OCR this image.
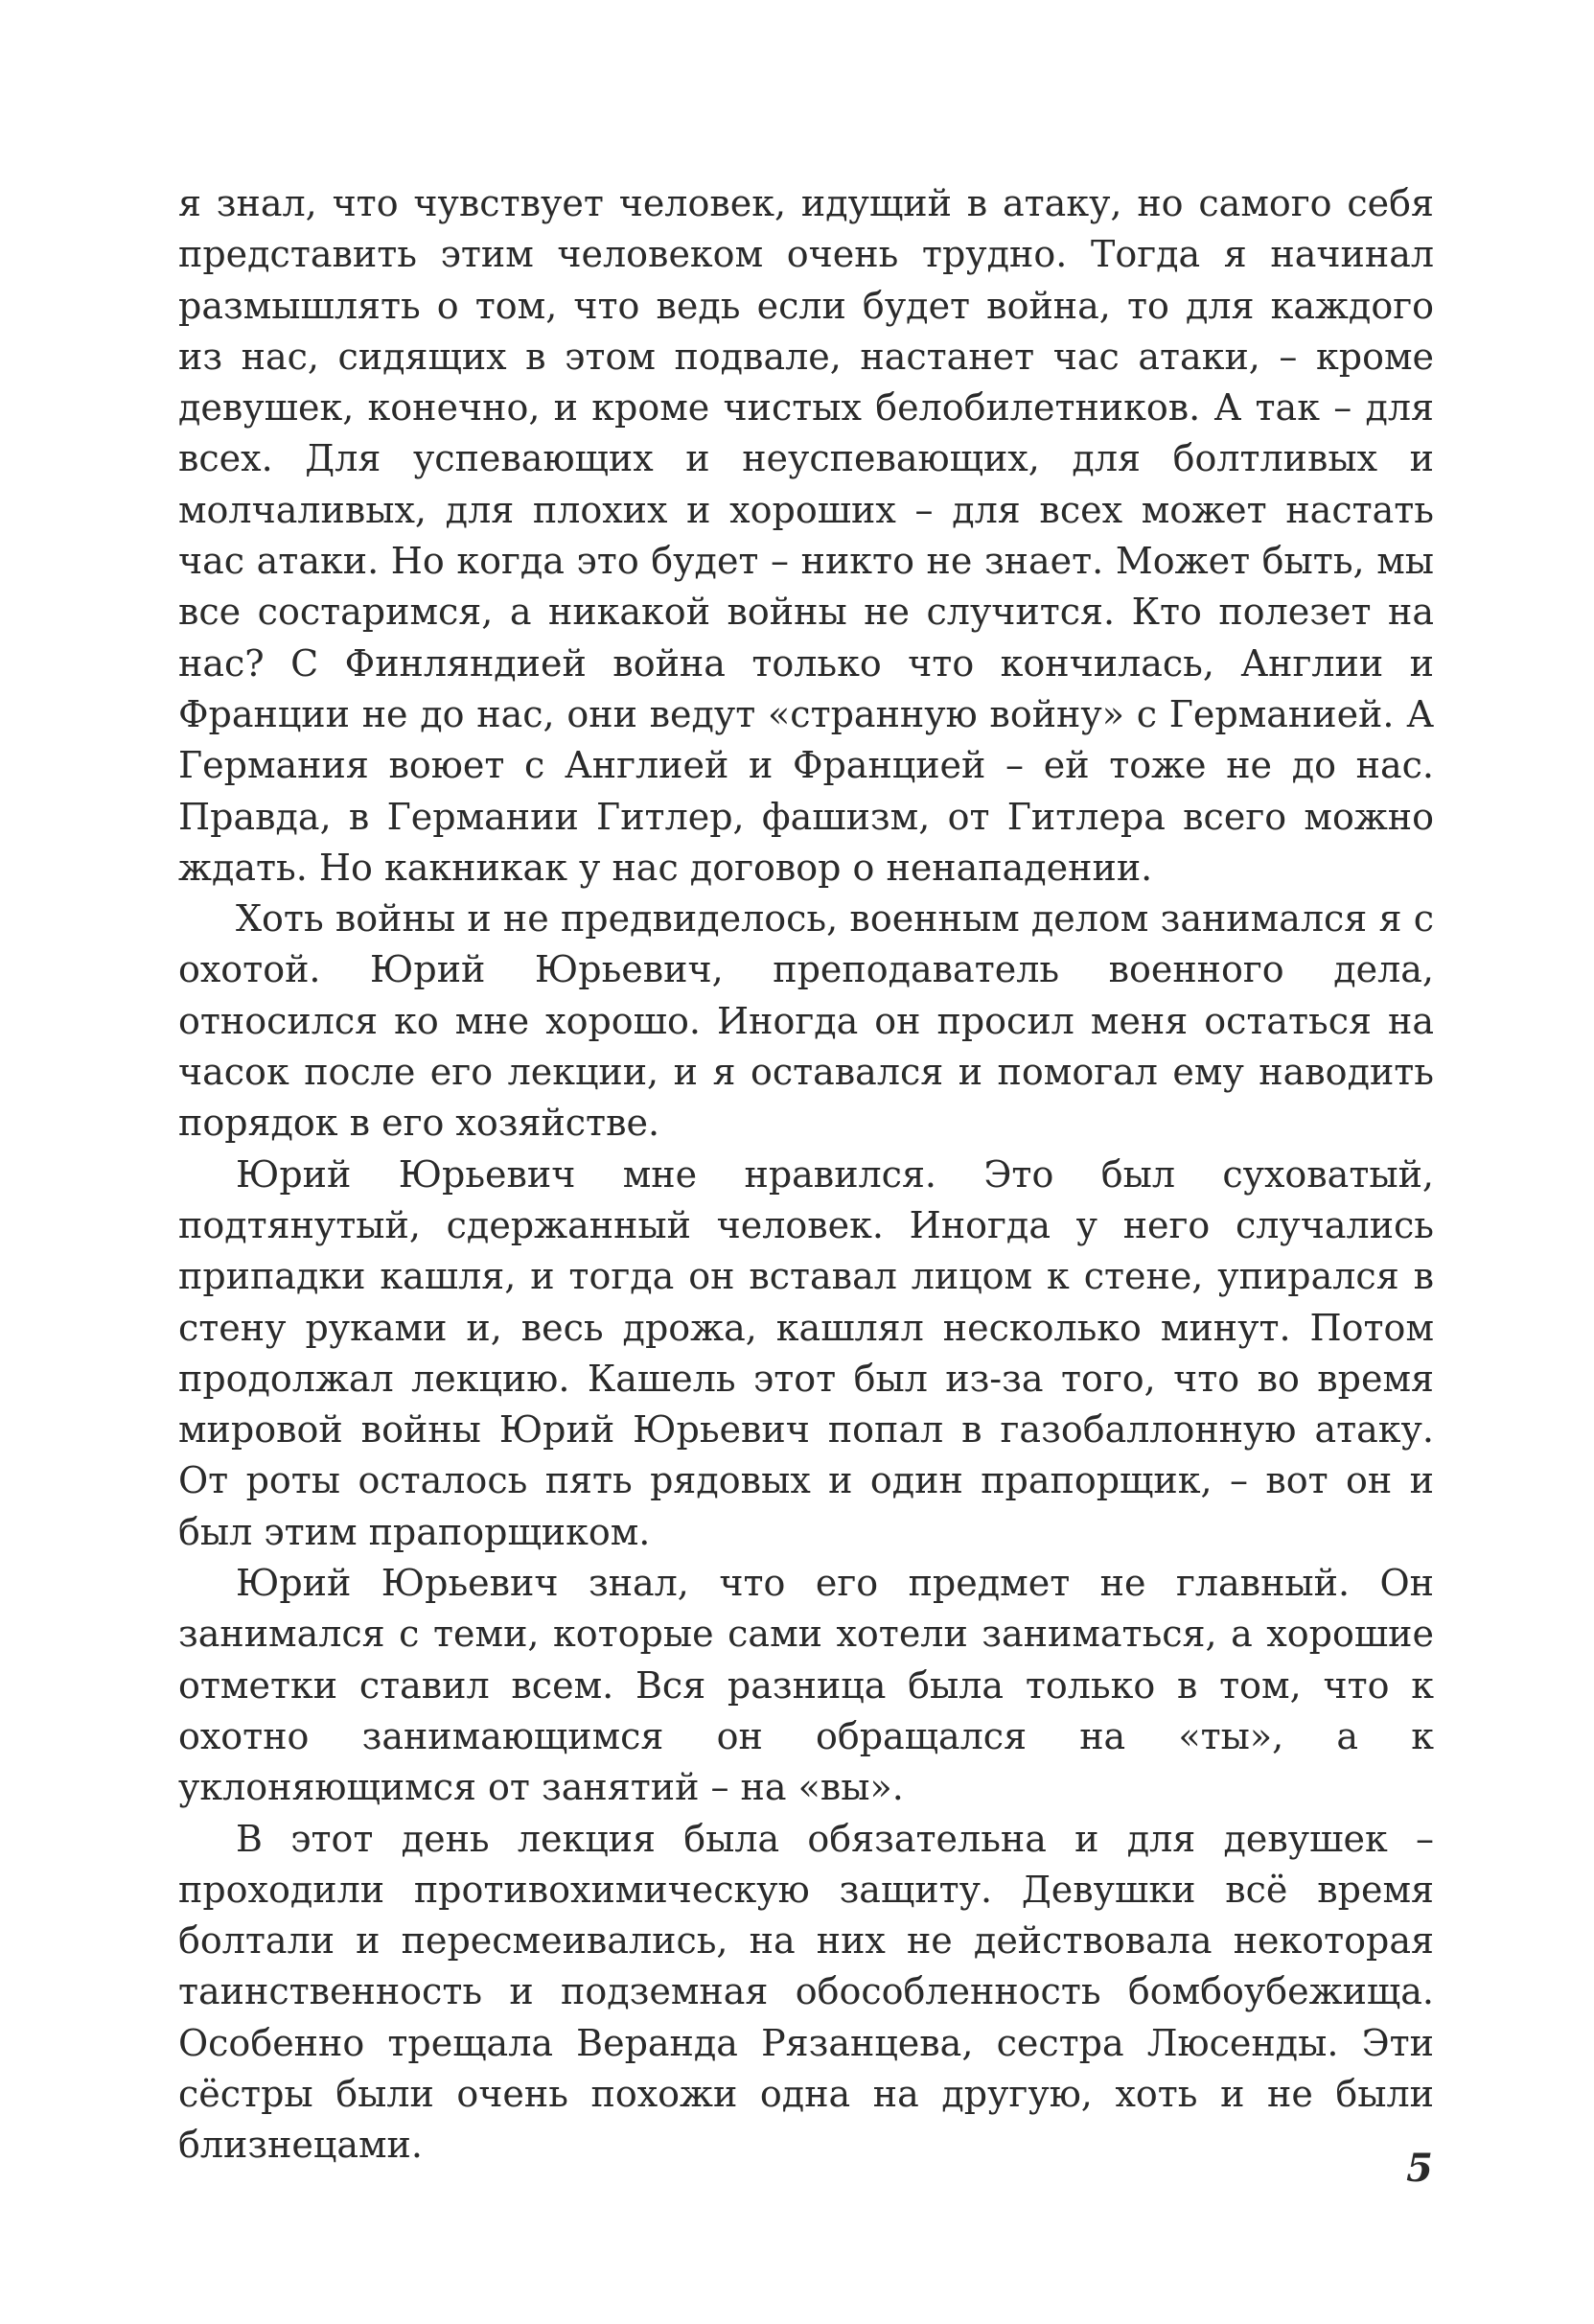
я знал, что чувствует человек, идущий в атаку, но самого себя представить этим человеком очень трудно. Тогда я начинал размышлять о том, что ведь если будет война, то для каждого из нас, сидящих в этом подвале, настанет час атаки, – кроме девушек, конечно, и кроме чистых белобилетников. А так – для всех. Для успевающих и неуспевающих, для болтливых и молчаливых, для плохих и хороших – для всех может настать час атаки. Но когда это будет – никто не знает. Может быть, мы все состаримся, а никакой войны не случится. Кто полезет на нас? С Финляндией война только что кончилась, Англии и Франции не до нас, они ведут «странную войну» с Германией. А Германия воюет с Англией и Францией – ей тоже не до нас. Правда, в Германии Гитлер, фашизм, от Гитлера всего можно ждать. Но какникак у нас договор о ненападении.

Хоть войны и не предвиделось, военным делом занимался я с охотой. Юрий Юрьевич, преподаватель военного дела, относился ко мне хорошо. Иногда он просил меня остаться на часок после его лекции, и я оставался и помогал ему наводить порядок в его хозяйстве.

Юрий Юрьевич мне нравился. Это был суховатый, подтянутый, сдержанный человек. Иногда у него случались припадки кашля, и тогда он вставал лицом к стене, упирался в стену руками и, весь дрожа, кашлял несколько минут. Потом продолжал лекцию. Кашель этот был из-за того, что во время мировой войны Юрий Юрьевич попал в газобаллонную атаку. От роты осталось пять рядовых и один прапорщик, – вот он и был этим прапорщиком.

Юрий Юрьевич знал, что его предмет не главный. Он занимался с теми, которые сами хотели заниматься, а хорошие отметки ставил всем. Вся разница была только в том, что к охотно занимающимся он обращался на «ты», а к уклоняющимся от занятий – на «вы».

В этот день лекция была обязательна и для девушек – проходили противохимическую защиту. Девушки всё время болтали и пересмеивались, на них не действовала некоторая таинственность и подземная обособленность бомбоубежища. Особенно трещала Веранда Рязанцева, сестра Люсенды. Эти сёстры были очень похожи одна на другую, хоть и не были близнецами.

5
